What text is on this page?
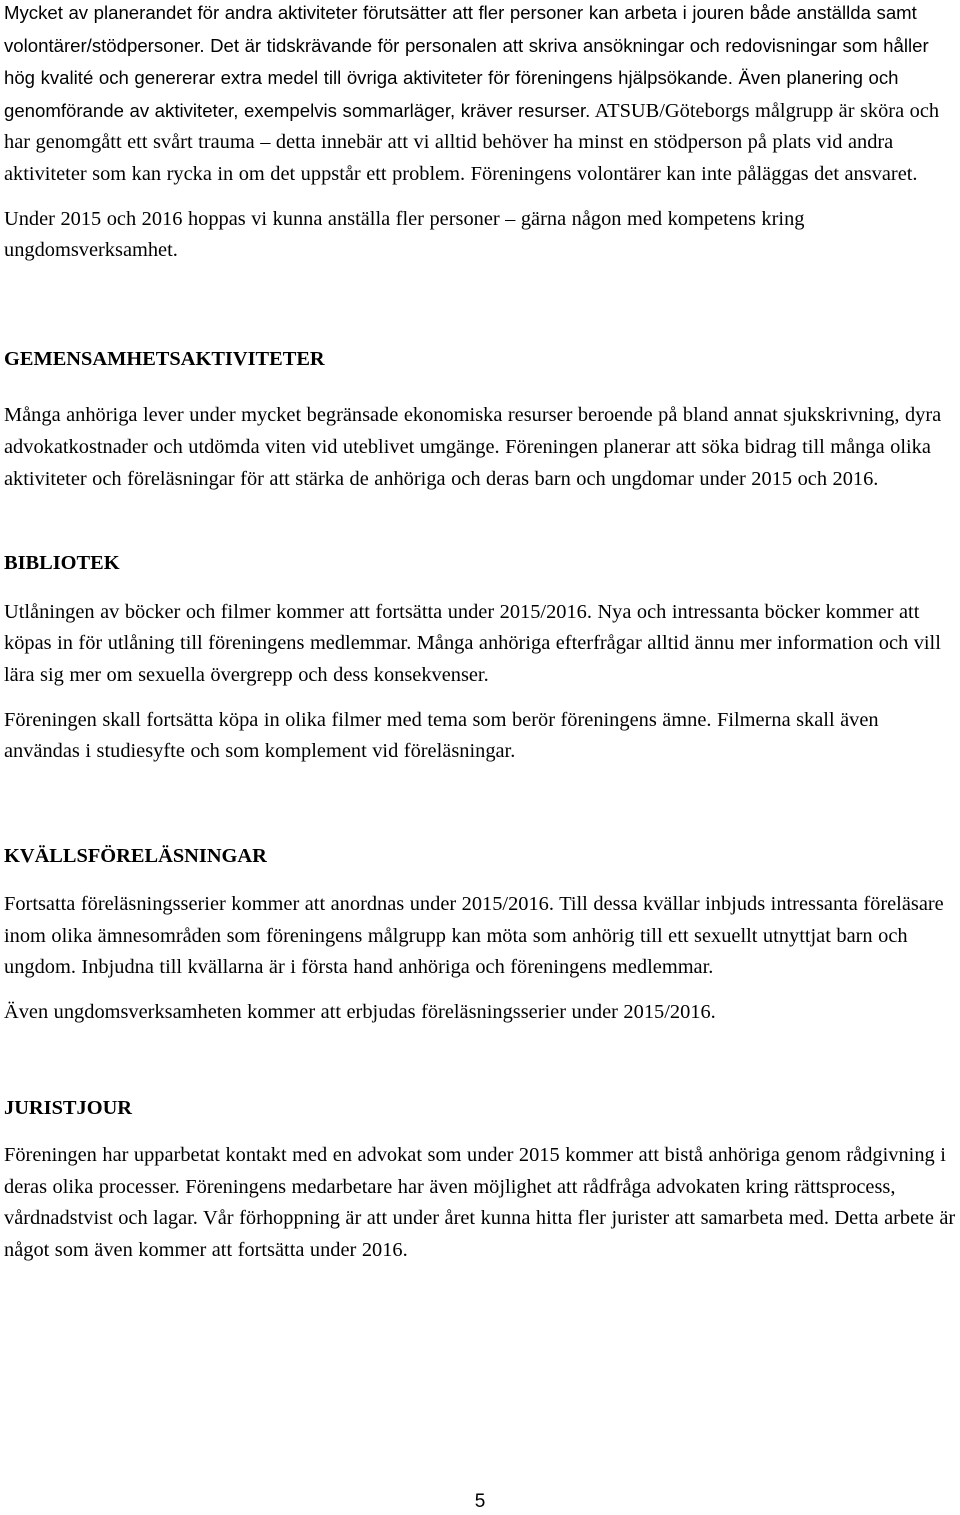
Mycket av planerandet för andra aktiviteter förutsätter att fler personer kan arbeta i jouren både anställda samt volontärer/stödpersoner. Det är tidskrävande för personalen att skriva ansökningar och redovisningar som håller hög kvalité och genererar extra medel till övriga aktiviteter för föreningens hjälpsökande. Även planering och genomförande av aktiviteter, exempelvis sommarläger, kräver resurser. ATSUB/Göteborgs målgrupp är sköra och har genomgått ett svårt trauma – detta innebär att vi alltid behöver ha minst en stödperson på plats vid andra aktiviteter som kan rycka in om det uppstår ett problem. Föreningens volontärer kan inte påläggas det ansvaret.

Under 2015 och 2016 hoppas vi kunna anställa fler personer – gärna någon med kompetens kring ungdomsverksamhet.

GEMENSAMHETSAKTIVITETER

Många anhöriga lever under mycket begränsade ekonomiska resurser beroende på bland annat sjukskrivning, dyra advokatkostnader och utdömda viten vid uteblivet umgänge. Föreningen planerar att söka bidrag till många olika aktiviteter och föreläsningar för att stärka de anhöriga och deras barn och ungdomar under 2015 och 2016.

BIBLIOTEK

Utlåningen av böcker och filmer kommer att fortsätta under 2015/2016. Nya och intressanta böcker kommer att köpas in för utlåning till föreningens medlemmar. Många anhöriga efterfrågar alltid ännu mer information och vill lära sig mer om sexuella övergrepp och dess konsekvenser.

Föreningen skall fortsätta köpa in olika filmer med tema som berör föreningens ämne. Filmerna skall även användas i studiesyfte och som komplement vid föreläsningar.

KVÄLLSFÖRELÄSNINGAR

Fortsatta föreläsningsserier kommer att anordnas under 2015/2016. Till dessa kvällar inbjuds intressanta föreläsare inom olika ämnesområden som föreningens målgrupp kan möta som anhörig till ett sexuellt utnyttjat barn och ungdom. Inbjudna till kvällarna är i första hand anhöriga och föreningens medlemmar.

Även ungdomsverksamheten kommer att erbjudas föreläsningsserier under 2015/2016.

JURISTJOUR

Föreningen har upparbetat kontakt med en advokat som under 2015 kommer att bistå anhöriga genom rådgivning i deras olika processer. Föreningens medarbetare har även möjlighet att rådfråga advokaten kring rättsprocess, vårdnadstvist och lagar. Vår förhoppning är att under året kunna hitta fler jurister att samarbeta med. Detta arbete är något som även kommer att fortsätta under 2016.

5
